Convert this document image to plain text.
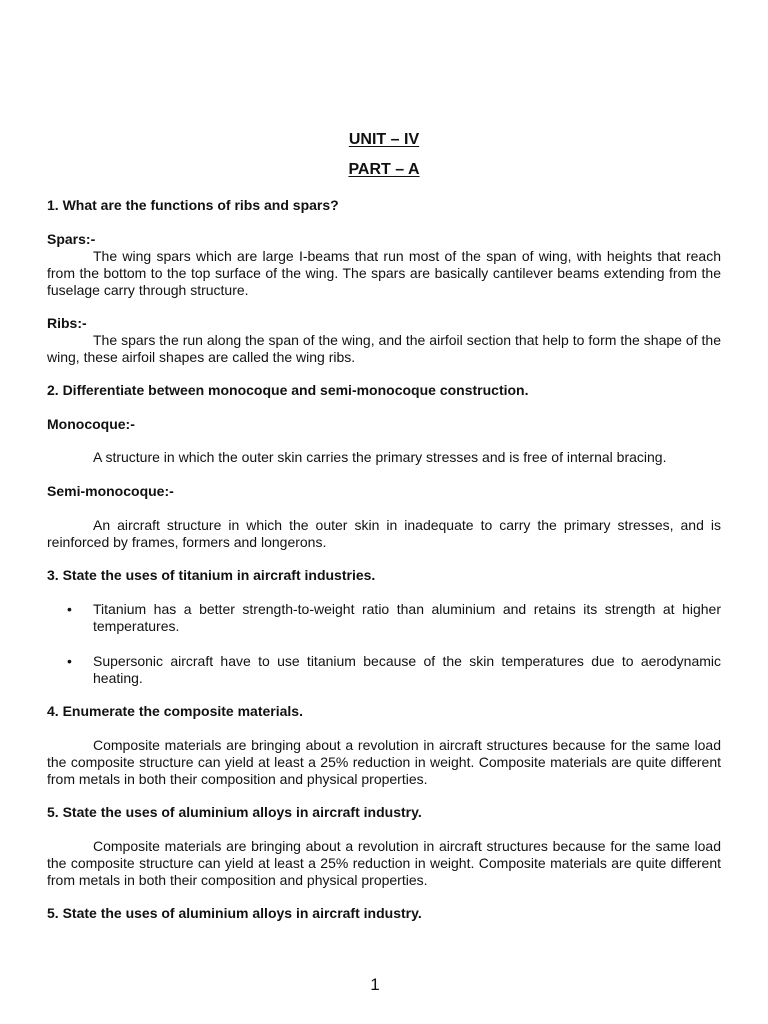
UNIT – IV
PART – A
1. What are the functions of ribs and spars?
Spars:-
The wing spars which are large I-beams that run most of the span of wing, with heights that reach from the bottom to the top surface of the wing. The spars are basically cantilever beams extending from the fuselage carry through structure.
Ribs:-
The spars the run along the span of the wing, and the airfoil section that help to form the shape of the wing, these airfoil shapes are called the wing ribs.
2. Differentiate between monocoque and semi-monocoque construction.
Monocoque:-
A structure in which the outer skin carries the primary stresses and is free of internal bracing.
Semi-monocoque:-
An aircraft structure in which the outer skin in inadequate to carry the primary stresses, and is reinforced by frames, formers and longerons.
3. State the uses of titanium in aircraft industries.
• Titanium has a better strength-to-weight ratio than aluminium and retains its strength at higher temperatures.
• Supersonic aircraft have to use titanium because of the skin temperatures due to aerodynamic heating.
4. Enumerate the composite materials.
Composite materials are bringing about a revolution in aircraft structures because for the same load the composite structure can yield at least a 25% reduction in weight. Composite materials are quite different from metals in both their composition and physical properties.
5. State the uses of aluminium alloys in aircraft industry.
Composite materials are bringing about a revolution in aircraft structures because for the same load the composite structure can yield at least a 25% reduction in weight. Composite materials are quite different from metals in both their composition and physical properties.
5. State the uses of aluminium alloys in aircraft industry.
1
